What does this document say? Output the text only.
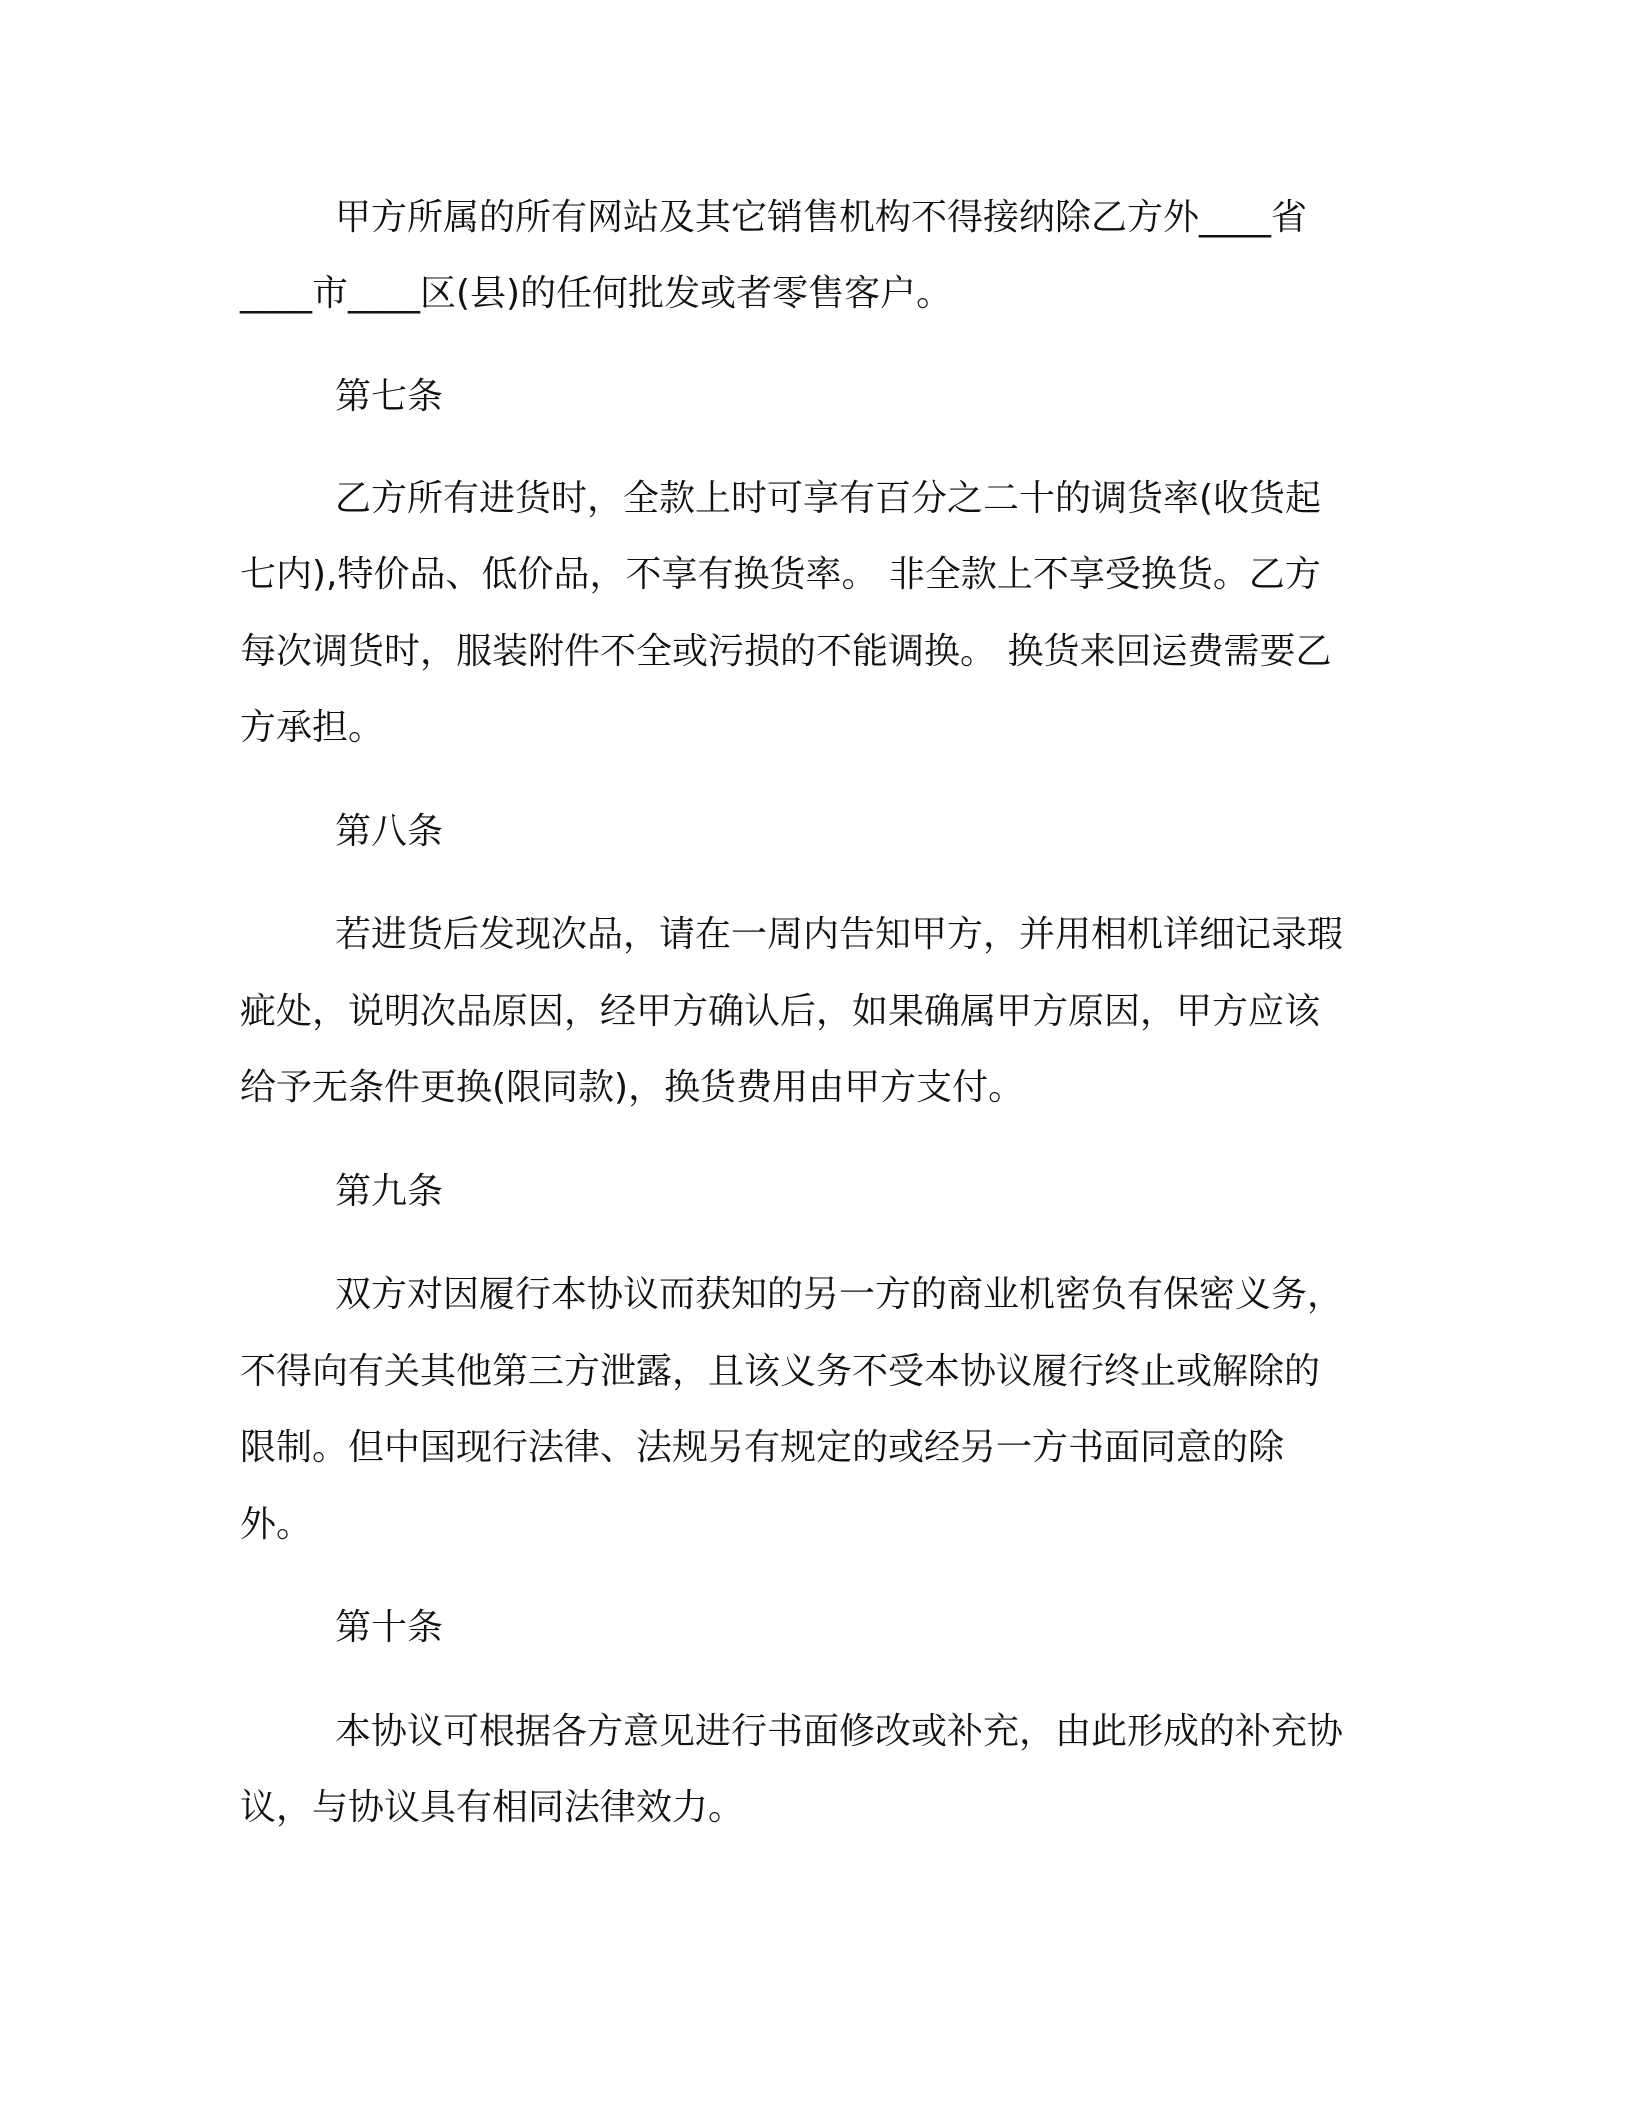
甲方所属的所有网站及其它销售机构不得接纳除乙方外____省

____市____区(县)的任何批发或者零售客户。

第七条

乙方所有进货时，全款上时可享有百分之二十的调货率(收货起

七内),特价品、低价品，不享有换货率。 非全款上不享受换货。乙方

每次调货时，服装附件不全或污损的不能调换。 换货来回运费需要乙

方承担。

第八条

若进货后发现次品，请在一周内告知甲方，并用相机详细记录瑕

疵处，说明次品原因，经甲方确认后，如果确属甲方原因，甲方应该

给予无条件更换(限同款)，换货费用由甲方支付。

第九条

双方对因履行本协议而获知的另一方的商业机密负有保密义务，

不得向有关其他第三方泄露，且该义务不受本协议履行终止或解除的

限制。但中国现行法律、法规另有规定的或经另一方书面同意的除

外。

第十条

本协议可根据各方意见进行书面修改或补充，由此形成的补充协

议，与协议具有相同法律效力。
